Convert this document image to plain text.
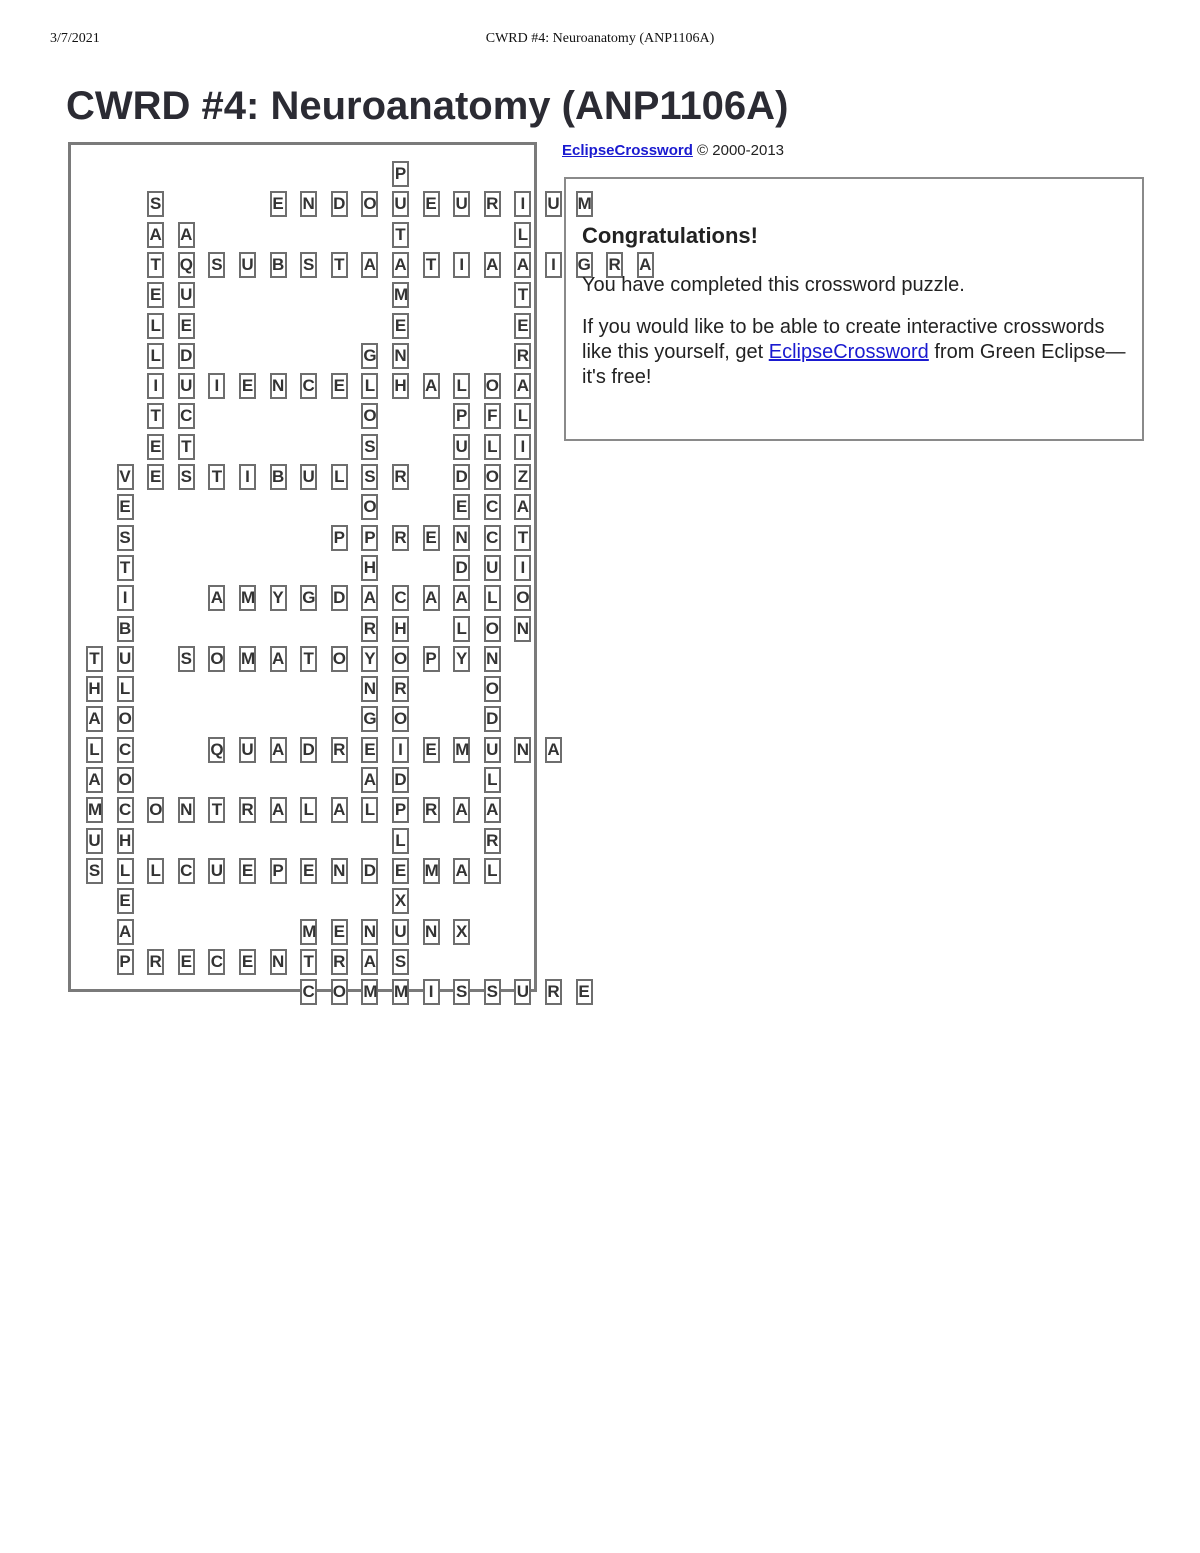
3/7/2021	CWRD #4: Neuroanatomy (ANP1106A)
CWRD #4: Neuroanatomy (ANP1106A)
E N D O U E U R	I	U M
S U B S T A A T	I	A A	I	G R A
U	I	E N C E L H A L O A
V E S T	I	B U L S R
P P R E N C T
A M Y G D A C A
S O M A T O Y O P Y
Q U A D R E	I	E M U N A
C O N T R A L A L P R A A
S L L C U E P E N D E M A L
M E N U N X
P R E C E N T R A S
C O M M	I	S S U R E
P
T
M
E
N
S
A
T
E
L
L
I
T
E
A
Q
U
E
D
C
T
L
T
E
R
L
I
Z
A
I
O
N
G
O
S
O
H
R
N
G
A
P
U
D
E
D
A
L
F
L
O
C
U
L
O
N
O
D
L
R
E
S
T
I
B
U
L
O
C
O
H
E
A
H
R
O
D
L
X
T
H
A
L
A
M
U
EclipseCrossword © 2000-2013
Congratulations!

You have completed this crossword puzzle.

If you would like to be able to create interactive crosswords like this yourself, get EclipseCrossword from Green Eclipse—it's free!
